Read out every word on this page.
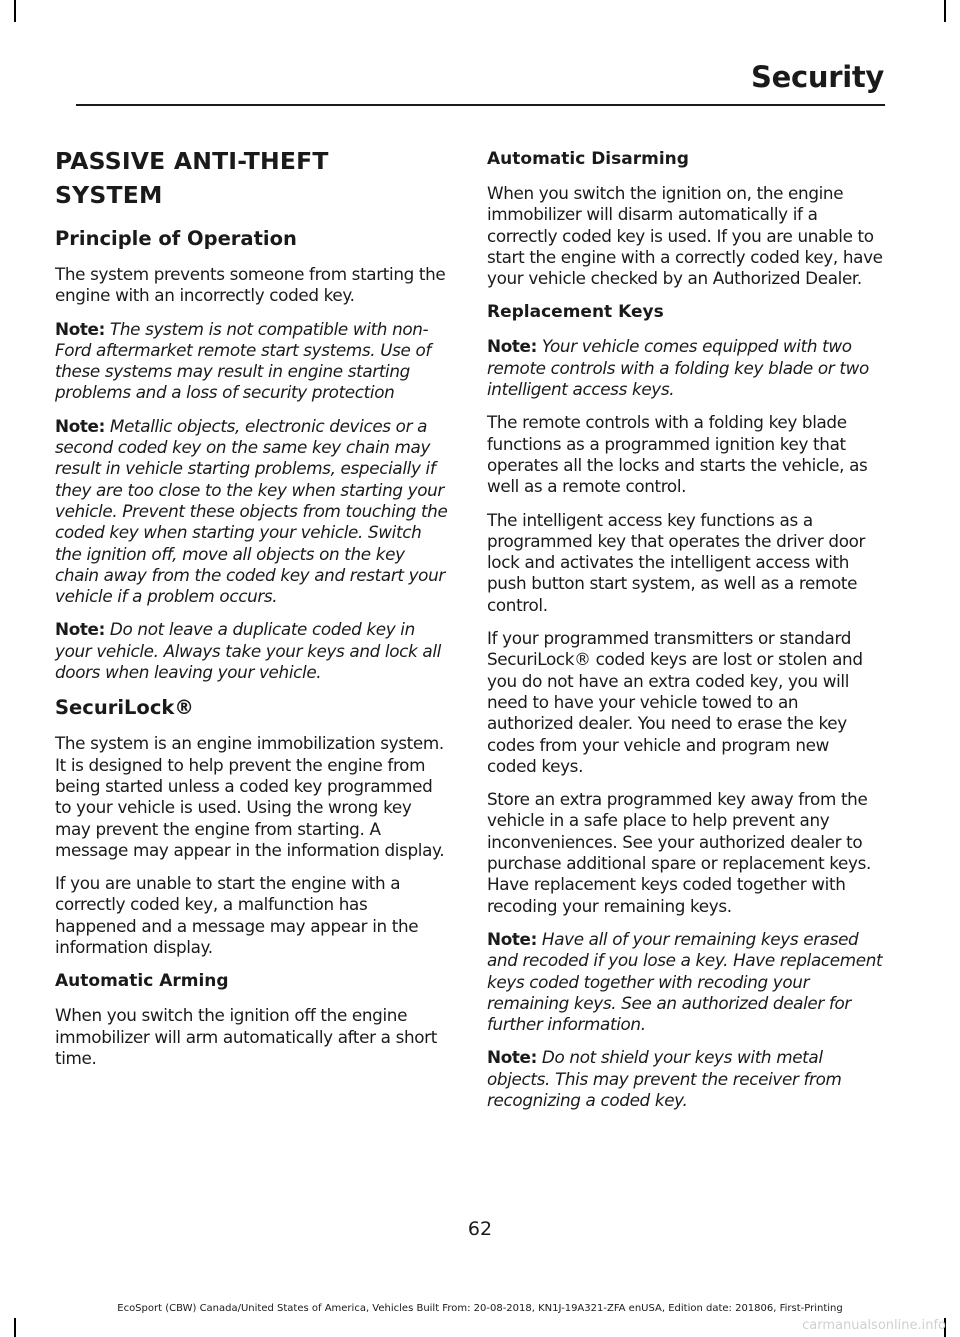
Security
PASSIVE ANTI-THEFT
SYSTEM
Principle of Operation

The system prevents someone from starting the engine with an incorrectly coded key.

Note: The system is not compatible with non-Ford aftermarket remote start systems. Use of these systems may result in engine starting problems and a loss of security protection

Note: Metallic objects, electronic devices or a second coded key on the same key chain may result in vehicle starting problems, especially if they are too close to the key when starting your vehicle. Prevent these objects from touching the coded key when starting your vehicle. Switch the ignition off, move all objects on the key chain away from the coded key and restart your vehicle if a problem occurs.

Note: Do not leave a duplicate coded key in your vehicle. Always take your keys and lock all doors when leaving your vehicle.

SecuriLock®

The system is an engine immobilization system. It is designed to help prevent the engine from being started unless a coded key programmed to your vehicle is used. Using the wrong key may prevent the engine from starting. A message may appear in the information display.

If you are unable to start the engine with a correctly coded key, a malfunction has happened and a message may appear in the information display.

Automatic Arming

When you switch the ignition off the engine immobilizer will arm automatically after a short time.

Automatic Disarming

When you switch the ignition on, the engine immobilizer will disarm automatically if a correctly coded key is used. If you are unable to start the engine with a correctly coded key, have your vehicle checked by an Authorized Dealer.

Replacement Keys

Note: Your vehicle comes equipped with two remote controls with a folding key blade or two intelligent access keys.

The remote controls with a folding key blade functions as a programmed ignition key that operates all the locks and starts the vehicle, as well as a remote control.

The intelligent access key functions as a programmed key that operates the driver door lock and activates the intelligent access with push button start system, as well as a remote control.

If your programmed transmitters or standard SecuriLock® coded keys are lost or stolen and you do not have an extra coded key, you will need to have your vehicle towed to an authorized dealer. You need to erase the key codes from your vehicle and program new coded keys.

Store an extra programmed key away from the vehicle in a safe place to help prevent any inconveniences. See your authorized dealer to purchase additional spare or replacement keys. Have replacement keys coded together with recoding your remaining keys.

Note: Have all of your remaining keys erased and recoded if you lose a key. Have replacement keys coded together with recoding your remaining keys. See an authorized dealer for further information.

Note: Do not shield your keys with metal objects. This may prevent the receiver from recognizing a coded key.

62

EcoSport (CBW) Canada/United States of America, Vehicles Built From: 20-08-2018, KN1J-19A321-ZFA enUSA, Edition date: 201806, First-Printing

carmanualsonline.info
